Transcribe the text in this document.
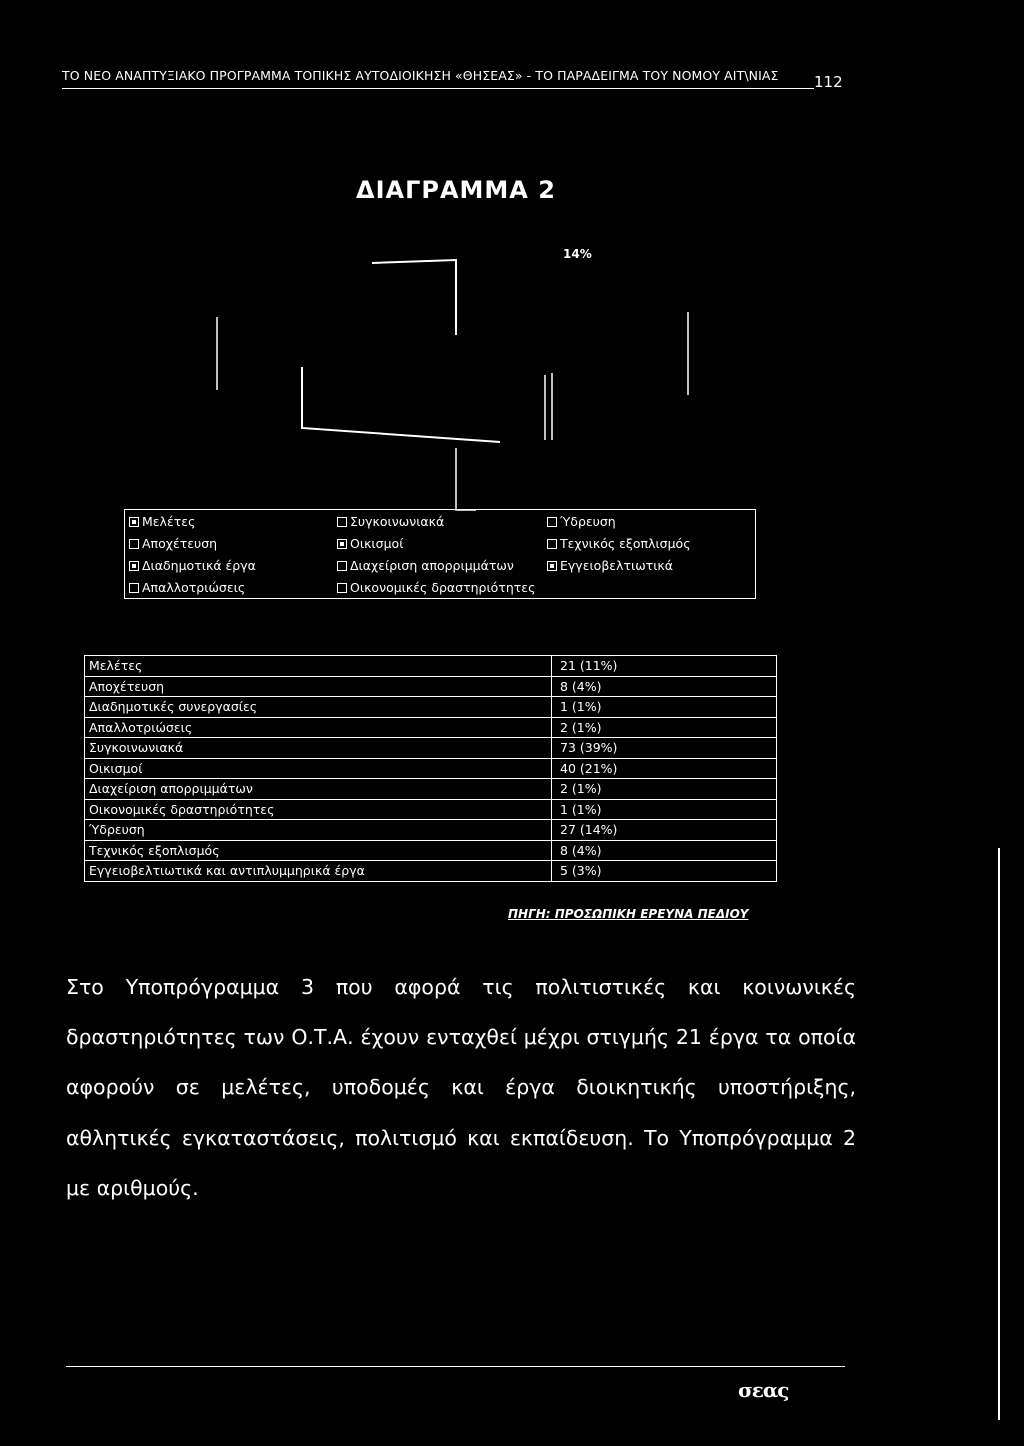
ΤΟ ΝΕΟ ΑΝΑΠΤΥΞΙΑΚΟ ΠΡΟΓΡΑΜΜΑ ΤΟΠΙΚΗΣ ΑΥΤΟΔΙΟΙΚΗΣΗ «ΘΗΣΕΑΣ» - ΤΟ ΠΑΡΑΔΕΙΓΜΑ ΤΟΥ ΝΟΜΟΥ ΑΙΤ\ΝΙΑΣ	112
ΔΙΑΓΡΑΜΜΑ 2
14%
Μελέτες
Αποχέτευση
Διαδημοτικά έργα
Απαλλοτριώσεις
Συγκοινωνιακά
Οικισμοί
Διαχείριση απορριμμάτων
Οικονομικές δραστηριότητες
Ύδρευση
Τεχνικός εξοπλισμός
Εγγειοβελτιωτικά
Μελέτες	21 (11%)
Αποχέτευση	8 (4%)
Διαδημοτικές συνεργασίες	1 (1%)
Απαλλοτριώσεις	2 (1%)
Συγκοινωνιακά	73 (39%)
Οικισμοί	40 (21%)
Διαχείριση απορριμμάτων	2 (1%)
Οικονομικές δραστηριότητες	1 (1%)
Ύδρευση	27 (14%)
Τεχνικός εξοπλισμός	8 (4%)
Εγγειοβελτιωτικά και αντιπλυμμηρικά έργα	5 (3%)
ΠΗΓΗ: ΠΡΟΣΩΠΙΚΗ ΕΡΕΥΝΑ ΠΕΔΙΟΥ

Στο Υποπρόγραμμα 3 που αφορά τις πολιτιστικές και κοινωνικές δραστηριότητες των Ο.Τ.Α. έχουν ενταχθεί μέχρι στιγμής 21 έργα τα οποία αφορούν σε μελέτες, υποδομές και έργα διοικητικής υποστήριξης, αθλητικές εγκαταστάσεις, πολιτισμό και εκπαίδευση. Το Υποπρόγραμμα 2 με αριθμούς.

σεας
